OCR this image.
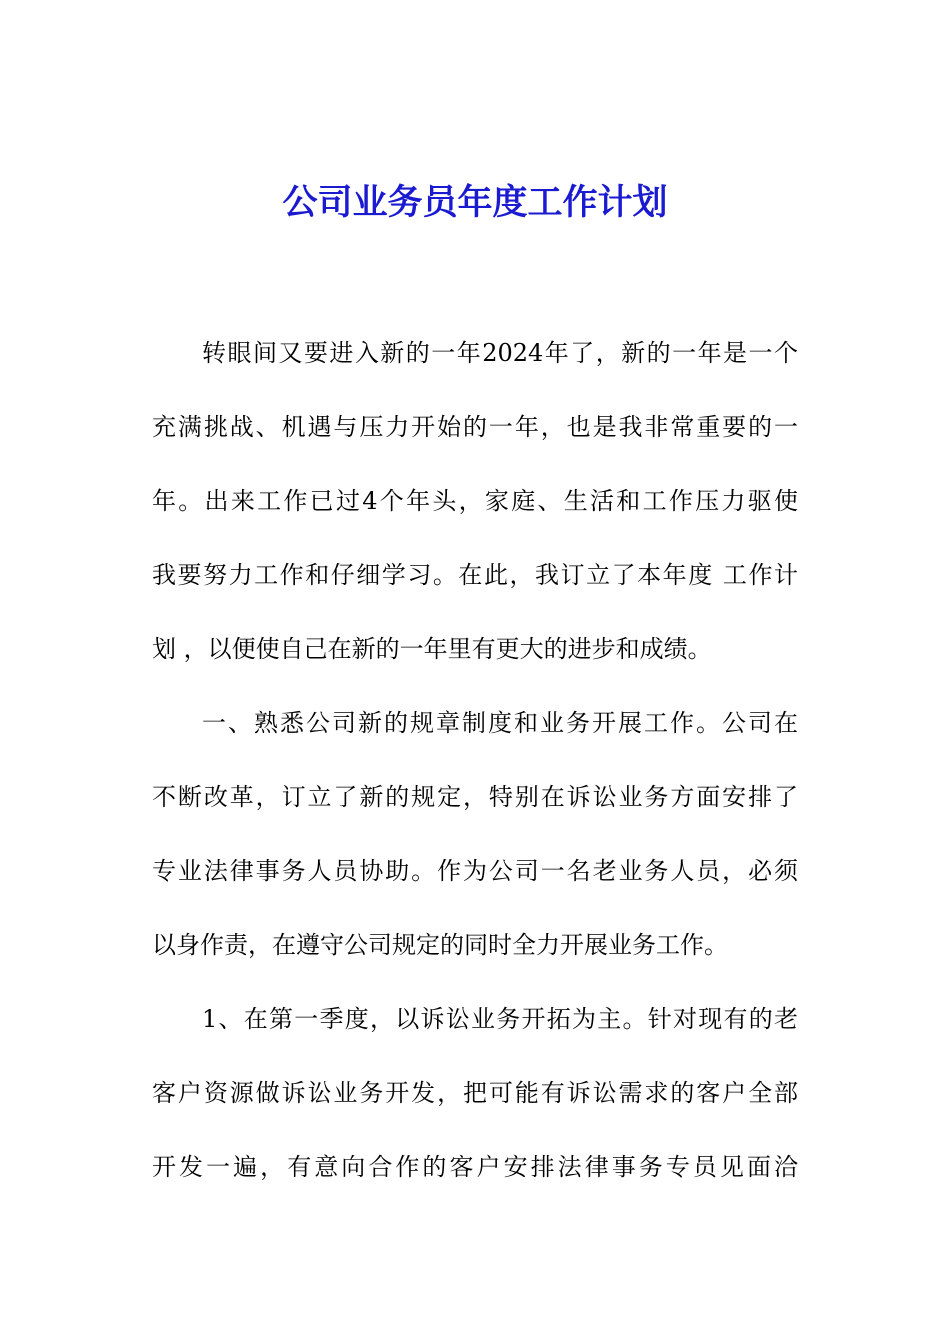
公司业务员年度工作计划
转眼间又要进入新的一年2024年了，新的一年是一个
充满挑战、机遇与压力开始的一年，也是我非常重要的一
年。出来工作已过4个年头，家庭、生活和工作压力驱使
我要努力工作和仔细学习。在此，我订立了本年度 工作计
划 ，以便使自己在新的一年里有更大的进步和成绩。
一、熟悉公司新的规章制度和业务开展工作。公司在
不断改革，订立了新的规定，特别在诉讼业务方面安排了
专业法律事务人员协助。作为公司一名老业务人员，必须
以身作责，在遵守公司规定的同时全力开展业务工作。
1、在第一季度，以诉讼业务开拓为主。针对现有的老
客户资源做诉讼业务开发，把可能有诉讼需求的客户全部
开发一遍，有意向合作的客户安排法律事务专员见面洽
